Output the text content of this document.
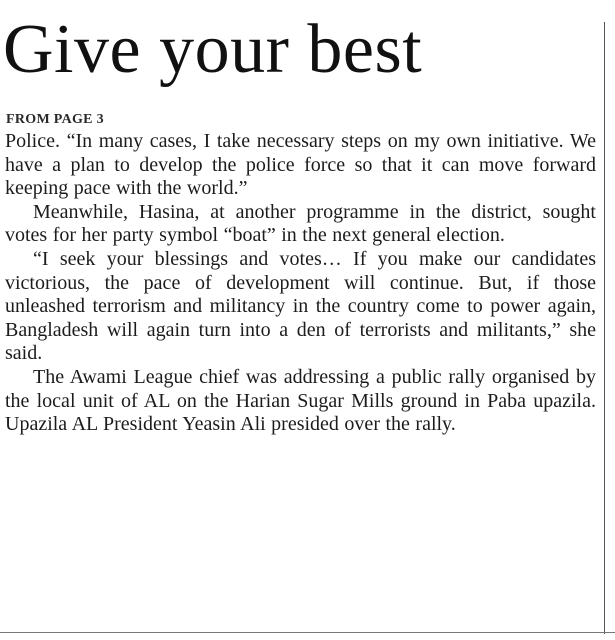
Give your best
FROM PAGE 3

Police. “In many cases, I take necessary steps on my own initiative. We have a plan to develop the police force so that it can move forward keeping pace with the world.”

Meanwhile, Hasina, at another programme in the district, sought votes for her party symbol “boat” in the next general election.

“I seek your blessings and votes… If you make our candidates victorious, the pace of development will continue. But, if those unleashed terrorism and militancy in the country come to power again, Bangladesh will again turn into a den of terrorists and militants,” she said.

The Awami League chief was addressing a public rally organised by the local unit of AL on the Harian Sugar Mills ground in Paba upazila. Upazila AL President Yeasin Ali presided over the rally.
